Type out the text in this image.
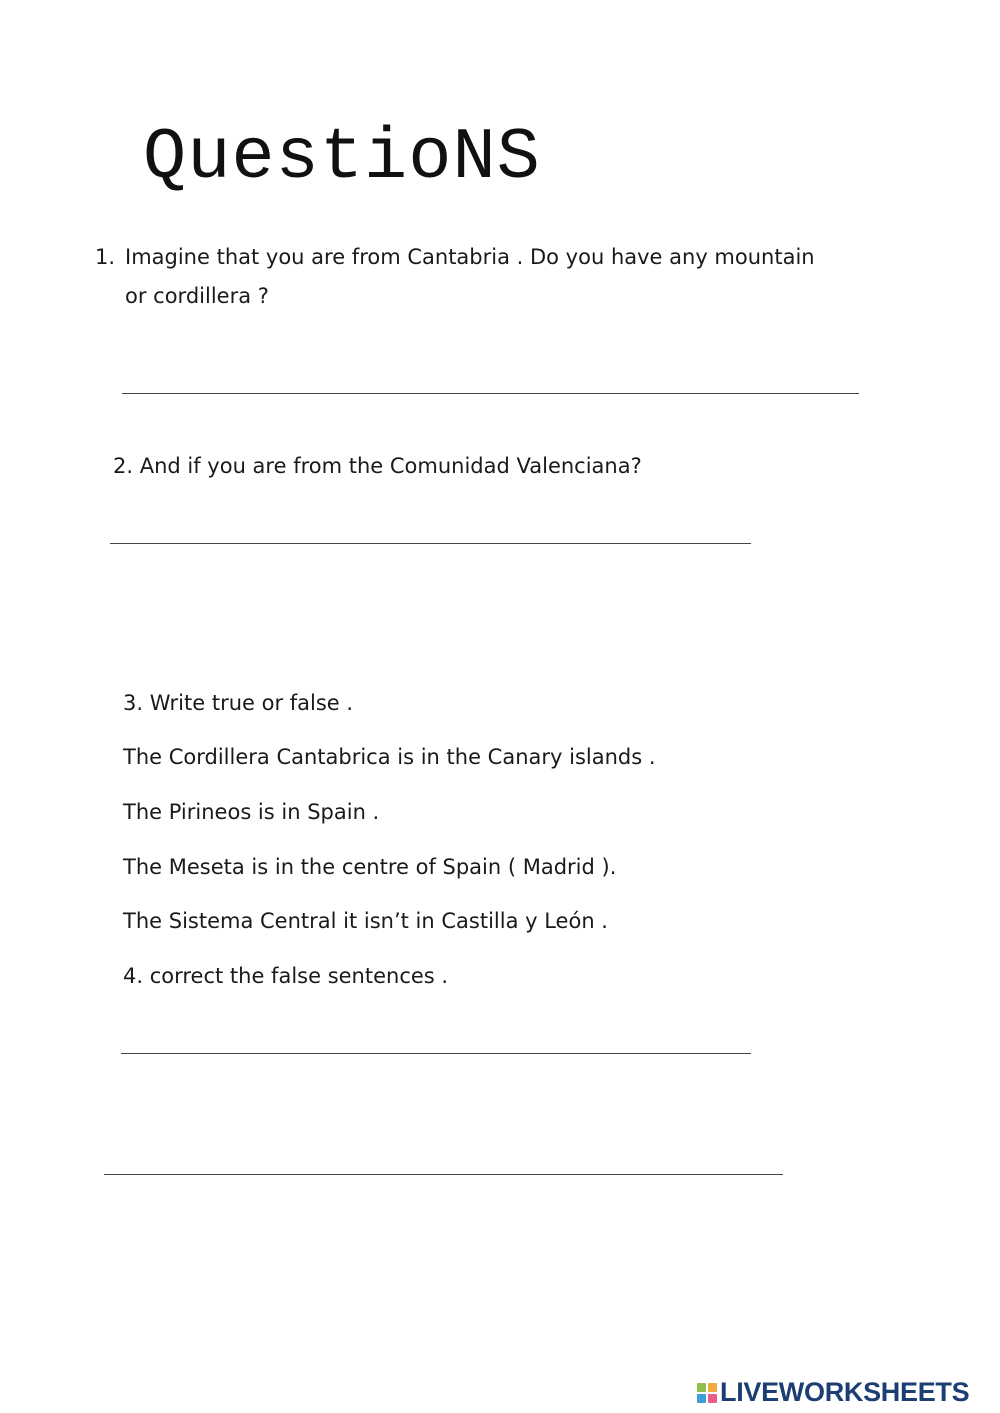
QuestioNS
1. Imagine that you are from Cantabria . Do you have any mountain
or cordillera ?
2. And if you are from the Comunidad Valenciana?
3. Write true or false .
The Cordillera Cantabrica is in the Canary islands .
The Pirineos is in Spain .
The Meseta is in the centre of Spain ( Madrid ).
The Sistema Central it isn’t in Castilla y León .
4. correct the false sentences .
LIVEWORKSHEETS
